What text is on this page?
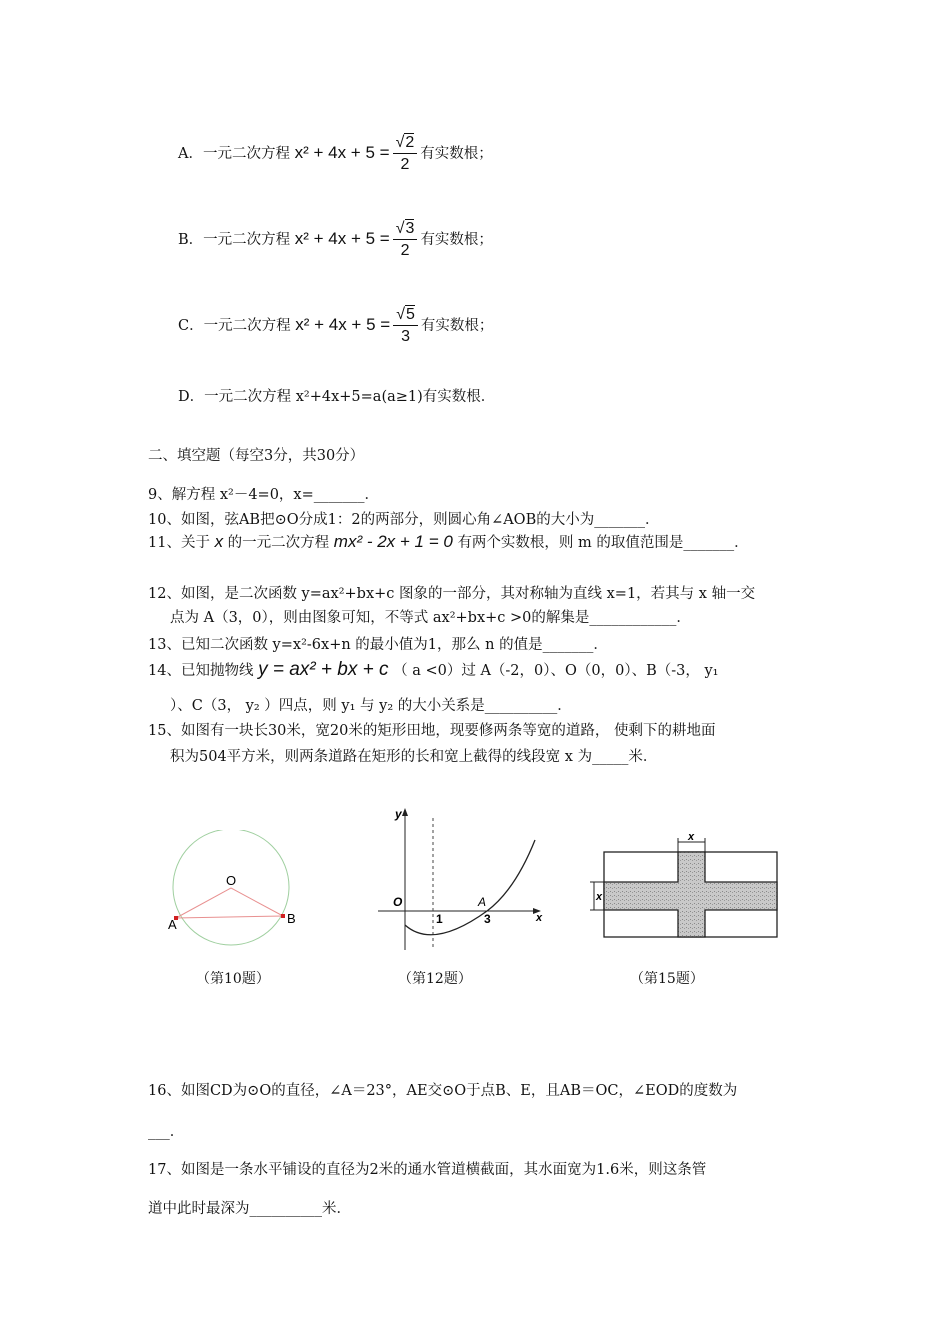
A．一元二次方程 $x^2 + 4x + 5 = \frac{√2}{2}$ 有实数根；
B．一元二次方程 $x^2 + 4x + 5 = \frac{√3}{2}$ 有实数根；
C．一元二次方程 $x^2 + 4x + 5 = \frac{√5}{3}$ 有实数根；
D．一元二次方程 x²+4x+5=a(a≥1)有实数根．
二、填空题（每空3分，共30分）
9、解方程 x²－4=0，x=_______．
10、如图，弦AB把⊙O分成1：2的两部分，则圆心角∠AOB的大小为_______．
11、关于 x 的一元二次方程 mx² - 2x + 1 = 0 有两个实数根，则 m 的取值范围是_______．
12、如图，是二次函数 y=ax²+bx+c 图象的一部分，其对称轴为直线 x=1，若其与 x 轴一交
点为 A（3，0），则由图象可知，不等式 ax²+bx+c >0的解集是____________．
13、已知二次函数 y=x²-6x+n 的最小值为1，那么 n 的值是_______．
14、已知抛物线 y = ax² + bx + c （ a <0）过 A（-2，0）、O（0，0）、B（-3， y₁
）、C（3， y₂ ）四点，则 y₁ 与 y₂ 的大小关系是__________．
15、如图有一块长30米，宽20米的矩形田地，现要修两条等宽的道路， 使剩下的耕地面
积为504平方米，则两条道路在矩形的长和宽上截得的线段宽 x 为_____米．
O
A	B
（第10题）
y
O
1
A
3	x
（第12题）
x
x
（第15题）
16、如图CD为⊙O的直径，∠A＝23°，AE交⊙O于点B、E，且AB＝OC，∠EOD的度数为
___．
17、如图是一条水平铺设的直径为2米的通水管道横截面，其水面宽为1.6米，则这条管
道中此时最深为__________米．
